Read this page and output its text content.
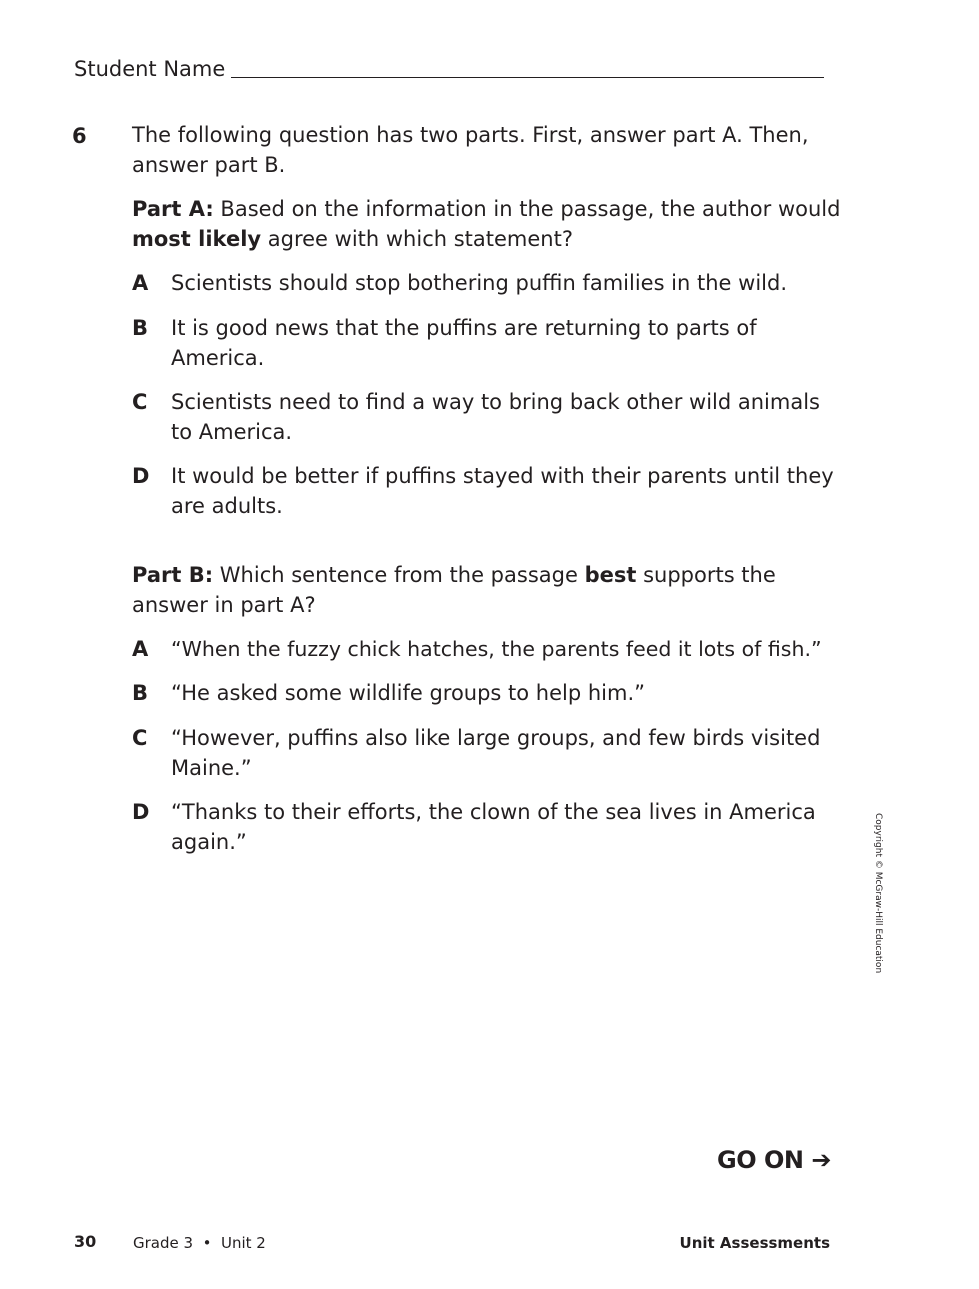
Student Name
6 The following question has two parts. First, answer part A. Then, answer part B.
Part A: Based on the information in the passage, the author would most likely agree with which statement?
A Scientists should stop bothering puffin families in the wild.
B It is good news that the puffins are returning to parts of America.
C Scientists need to find a way to bring back other wild animals to America.
D It would be better if puffins stayed with their parents until they are adults.
Part B: Which sentence from the passage best supports the answer in part A?
A “When the fuzzy chick hatches, the parents feed it lots of fish.”
B “He asked some wildlife groups to help him.”
C “However, puffins also like large groups, and few birds visited Maine.”
D “Thanks to their efforts, the clown of the sea lives in America again.”	Copyright © McGraw-Hill Education
GO ON ➔
30 Grade 3 • Unit 2	Unit Assessments
